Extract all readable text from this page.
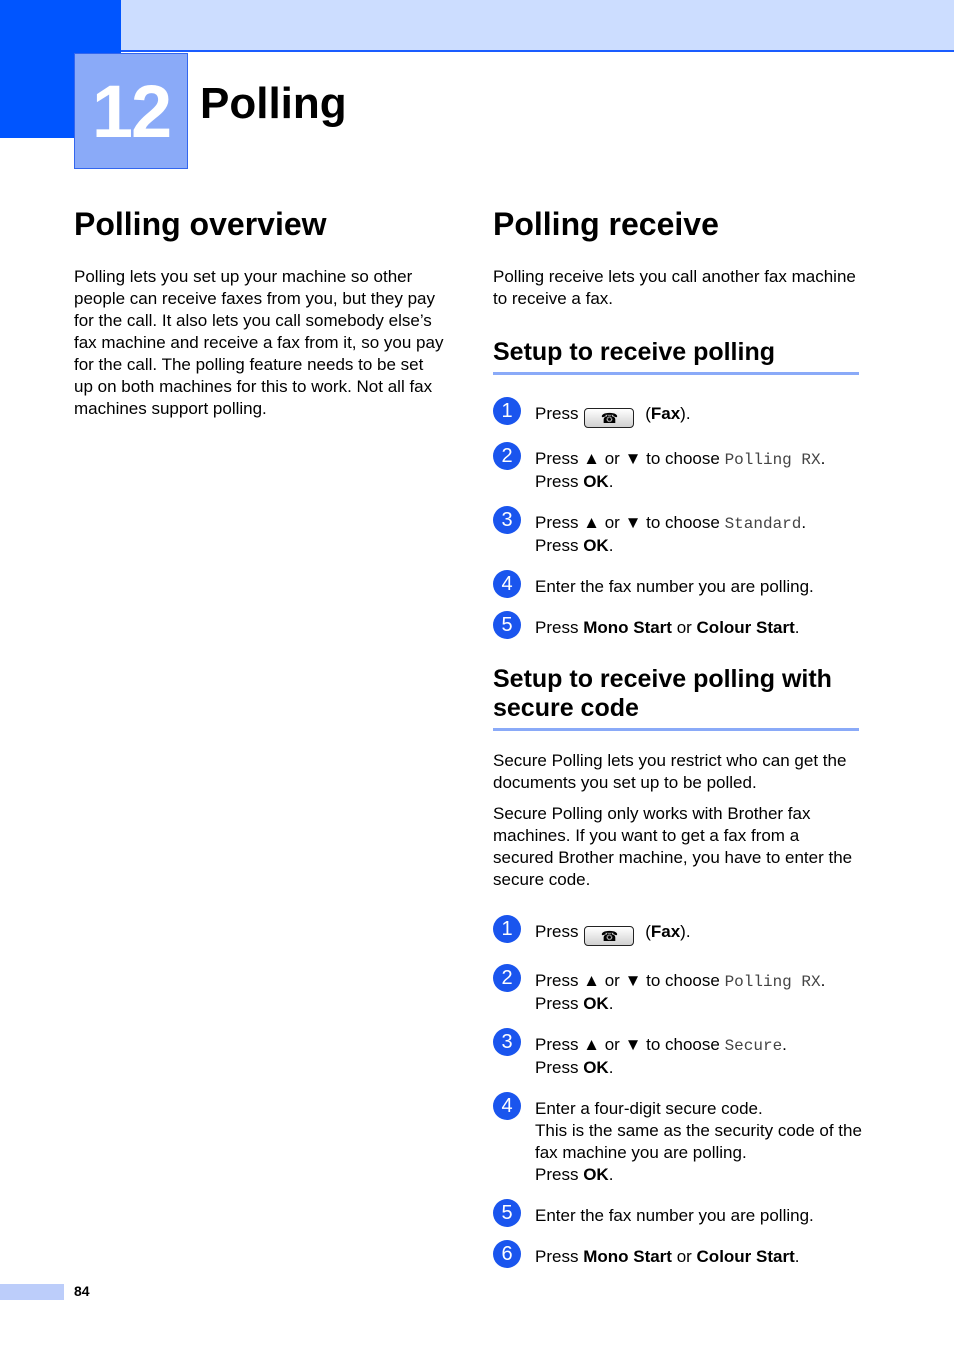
12 Polling
Polling overview

Polling lets you set up your machine so other people can receive faxes from you, but they pay for the call. It also lets you call somebody else’s fax machine and receive a fax from it, so you pay for the call. The polling feature needs to be set up on both machines for this to work. Not all fax machines support polling.

Polling receive

Polling receive lets you call another fax machine to receive a fax.

Setup to receive polling
1	Press ☎ (Fax).
2	Press ▲ or ▼ to choose Polling RX.
Press OK.
3	Press ▲ or ▼ to choose Standard.
Press OK.
4	Enter the fax number you are polling.
5	Press Mono Start or Colour Start.
Setup to receive polling with
secure code

Secure Polling lets you restrict who can get the documents you set up to be polled.

Secure Polling only works with Brother fax machines. If you want to get a fax from a secured Brother machine, you have to enter the secure code.

1	Press ☎ (Fax).
2	Press ▲ or ▼ to choose Polling RX.
Press OK.
3	Press ▲ or ▼ to choose Secure.
Press OK.
4	Enter a four-digit secure code.
This is the same as the security code of the fax machine you are polling.
Press OK.
5	Enter the fax number you are polling.
6	Press Mono Start or Colour Start.
84
